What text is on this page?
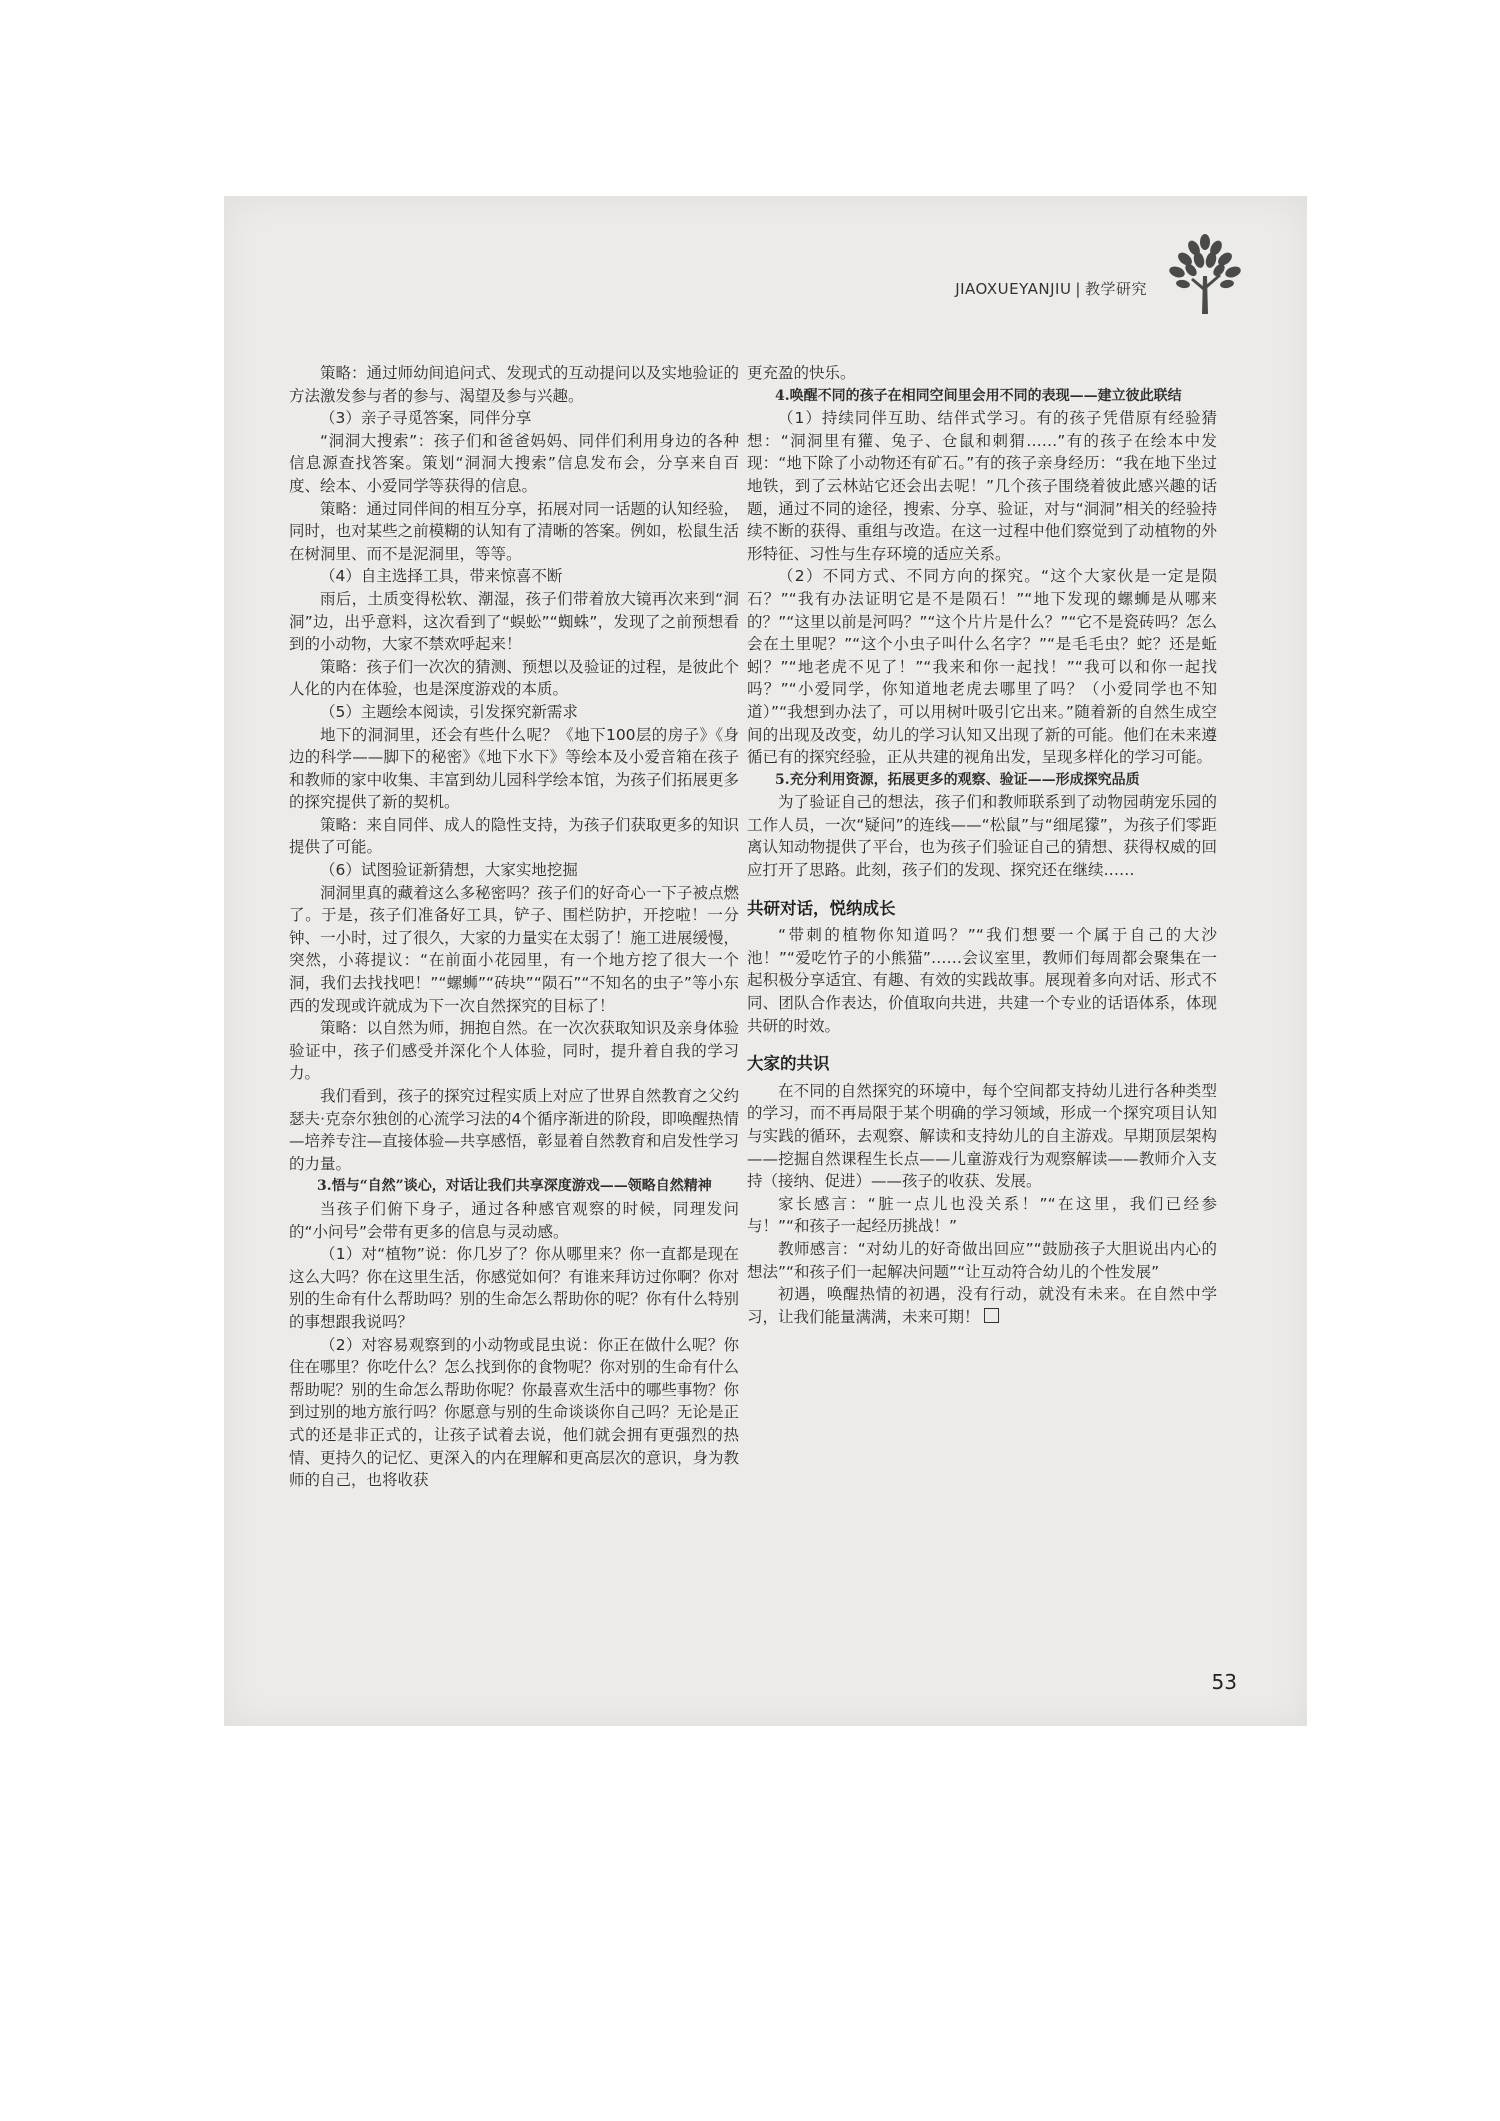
JIAOXUEYANJIU | 教学研究

策略：通过师幼间追问式、发现式的互动提问以及实地验证的方法激发参与者的参与、渴望及参与兴趣。

（3）亲子寻觅答案，同伴分享

“洞洞大搜索”：孩子们和爸爸妈妈、同伴们利用身边的各种信息源查找答案。策划“洞洞大搜索”信息发布会，分享来自百度、绘本、小爱同学等获得的信息。

策略：通过同伴间的相互分享，拓展对同一话题的认知经验，同时，也对某些之前模糊的认知有了清晰的答案。例如，松鼠生活在树洞里、而不是泥洞里，等等。

（4）自主选择工具，带来惊喜不断

雨后，土质变得松软、潮湿，孩子们带着放大镜再次来到“洞洞”边，出乎意料，这次看到了“蜈蚣”“蜘蛛”，发现了之前预想看到的小动物，大家不禁欢呼起来！

策略：孩子们一次次的猜测、预想以及验证的过程，是彼此个人化的内在体验，也是深度游戏的本质。

（5）主题绘本阅读，引发探究新需求

地下的洞洞里，还会有些什么呢？《地下100层的房子》《身边的科学——脚下的秘密》《地下水下》等绘本及小爱音箱在孩子和教师的家中收集、丰富到幼儿园科学绘本馆，为孩子们拓展更多的探究提供了新的契机。

策略：来自同伴、成人的隐性支持，为孩子们获取更多的知识提供了可能。

（6）试图验证新猜想，大家实地挖掘

洞洞里真的藏着这么多秘密吗？孩子们的好奇心一下子被点燃了。于是，孩子们准备好工具，铲子、围栏防护，开挖啦！一分钟、一小时，过了很久，大家的力量实在太弱了！施工进展缓慢，突然，小蒋提议：“在前面小花园里，有一个地方挖了很大一个洞，我们去找找吧！”“螺蛳”“砖块”“陨石”“不知名的虫子”等小东西的发现或许就成为下一次自然探究的目标了！

策略：以自然为师，拥抱自然。在一次次获取知识及亲身体验验证中，孩子们感受并深化个人体验，同时，提升着自我的学习力。

我们看到，孩子的探究过程实质上对应了世界自然教育之父约瑟夫·克奈尔独创的心流学习法的4个循序渐进的阶段，即唤醒热情—培养专注—直接体验—共享感悟，彰显着自然教育和启发性学习的力量。

3.悟与“自然”谈心，对话让我们共享深度游戏——领略自然精神

当孩子们俯下身子，通过各种感官观察的时候，同理发问的“小问号”会带有更多的信息与灵动感。

（1）对“植物”说：你几岁了？你从哪里来？你一直都是现在这么大吗？你在这里生活，你感觉如何？有谁来拜访过你啊？你对别的生命有什么帮助吗？别的生命怎么帮助你的呢？你有什么特别的事想跟我说吗？

（2）对容易观察到的小动物或昆虫说：你正在做什么呢？你住在哪里？你吃什么？怎么找到你的食物呢？你对别的生命有什么帮助呢？别的生命怎么帮助你呢？你最喜欢生活中的哪些事物？你到过别的地方旅行吗？你愿意与别的生命谈谈你自己吗？无论是正式的还是非正式的，让孩子试着去说，他们就会拥有更强烈的热情、更持久的记忆、更深入的内在理解和更高层次的意识，身为教师的自己，也将收获

更充盈的快乐。

4.唤醒不同的孩子在相同空间里会用不同的表现——建立彼此联结

（1）持续同伴互助、结伴式学习。有的孩子凭借原有经验猜想：“洞洞里有獾、兔子、仓鼠和刺猬……”有的孩子在绘本中发现：“地下除了小动物还有矿石。”有的孩子亲身经历：“我在地下坐过地铁，到了云林站它还会出去呢！”几个孩子围绕着彼此感兴趣的话题，通过不同的途径，搜索、分享、验证，对与“洞洞”相关的经验持续不断的获得、重组与改造。在这一过程中他们察觉到了动植物的外形特征、习性与生存环境的适应关系。

（2）不同方式、不同方向的探究。“这个大家伙是一定是陨石？”“我有办法证明它是不是陨石！”“地下发现的螺蛳是从哪来的？”“这里以前是河吗？”“这个片片是什么？”“它不是瓷砖吗？怎么会在土里呢？”“这个小虫子叫什么名字？”“是毛毛虫？蛇？还是蚯蚓？”“地老虎不见了！”“我来和你一起找！”“我可以和你一起找吗？”“小爱同学，你知道地老虎去哪里了吗？（小爱同学也不知道）”“我想到办法了，可以用树叶吸引它出来。”随着新的自然生成空间的出现及改变，幼儿的学习认知又出现了新的可能。他们在未来遵循已有的探究经验，正从共建的视角出发，呈现多样化的学习可能。

5.充分利用资源，拓展更多的观察、验证——形成探究品质

为了验证自己的想法，孩子们和教师联系到了动物园萌宠乐园的工作人员，一次“疑问”的连线——“松鼠”与“细尾獴”，为孩子们零距离认知动物提供了平台，也为孩子们验证自己的猜想、获得权威的回应打开了思路。此刻，孩子们的发现、探究还在继续……

共研对话，悦纳成长

“带刺的植物你知道吗？”“我们想要一个属于自己的大沙池！”“爱吃竹子的小熊猫”……会议室里，教师们每周都会聚集在一起积极分享适宜、有趣、有效的实践故事。展现着多向对话、形式不同、团队合作表达，价值取向共进，共建一个专业的话语体系，体现共研的时效。

大家的共识

在不同的自然探究的环境中，每个空间都支持幼儿进行各种类型的学习，而不再局限于某个明确的学习领域，形成一个探究项目认知与实践的循环，去观察、解读和支持幼儿的自主游戏。早期顶层架构——挖掘自然课程生长点——儿童游戏行为观察解读——教师介入支持（接纳、促进）——孩子的收获、发展。

家长感言：“脏一点儿也没关系！”“在这里，我们已经参与！”“和孩子一起经历挑战！”

教师感言：“对幼儿的好奇做出回应”“鼓励孩子大胆说出内心的想法”“和孩子们一起解决问题”“让互动符合幼儿的个性发展”

初遇，唤醒热情的初遇，没有行动，就没有未来。在自然中学习，让我们能量满满，未来可期！

53
